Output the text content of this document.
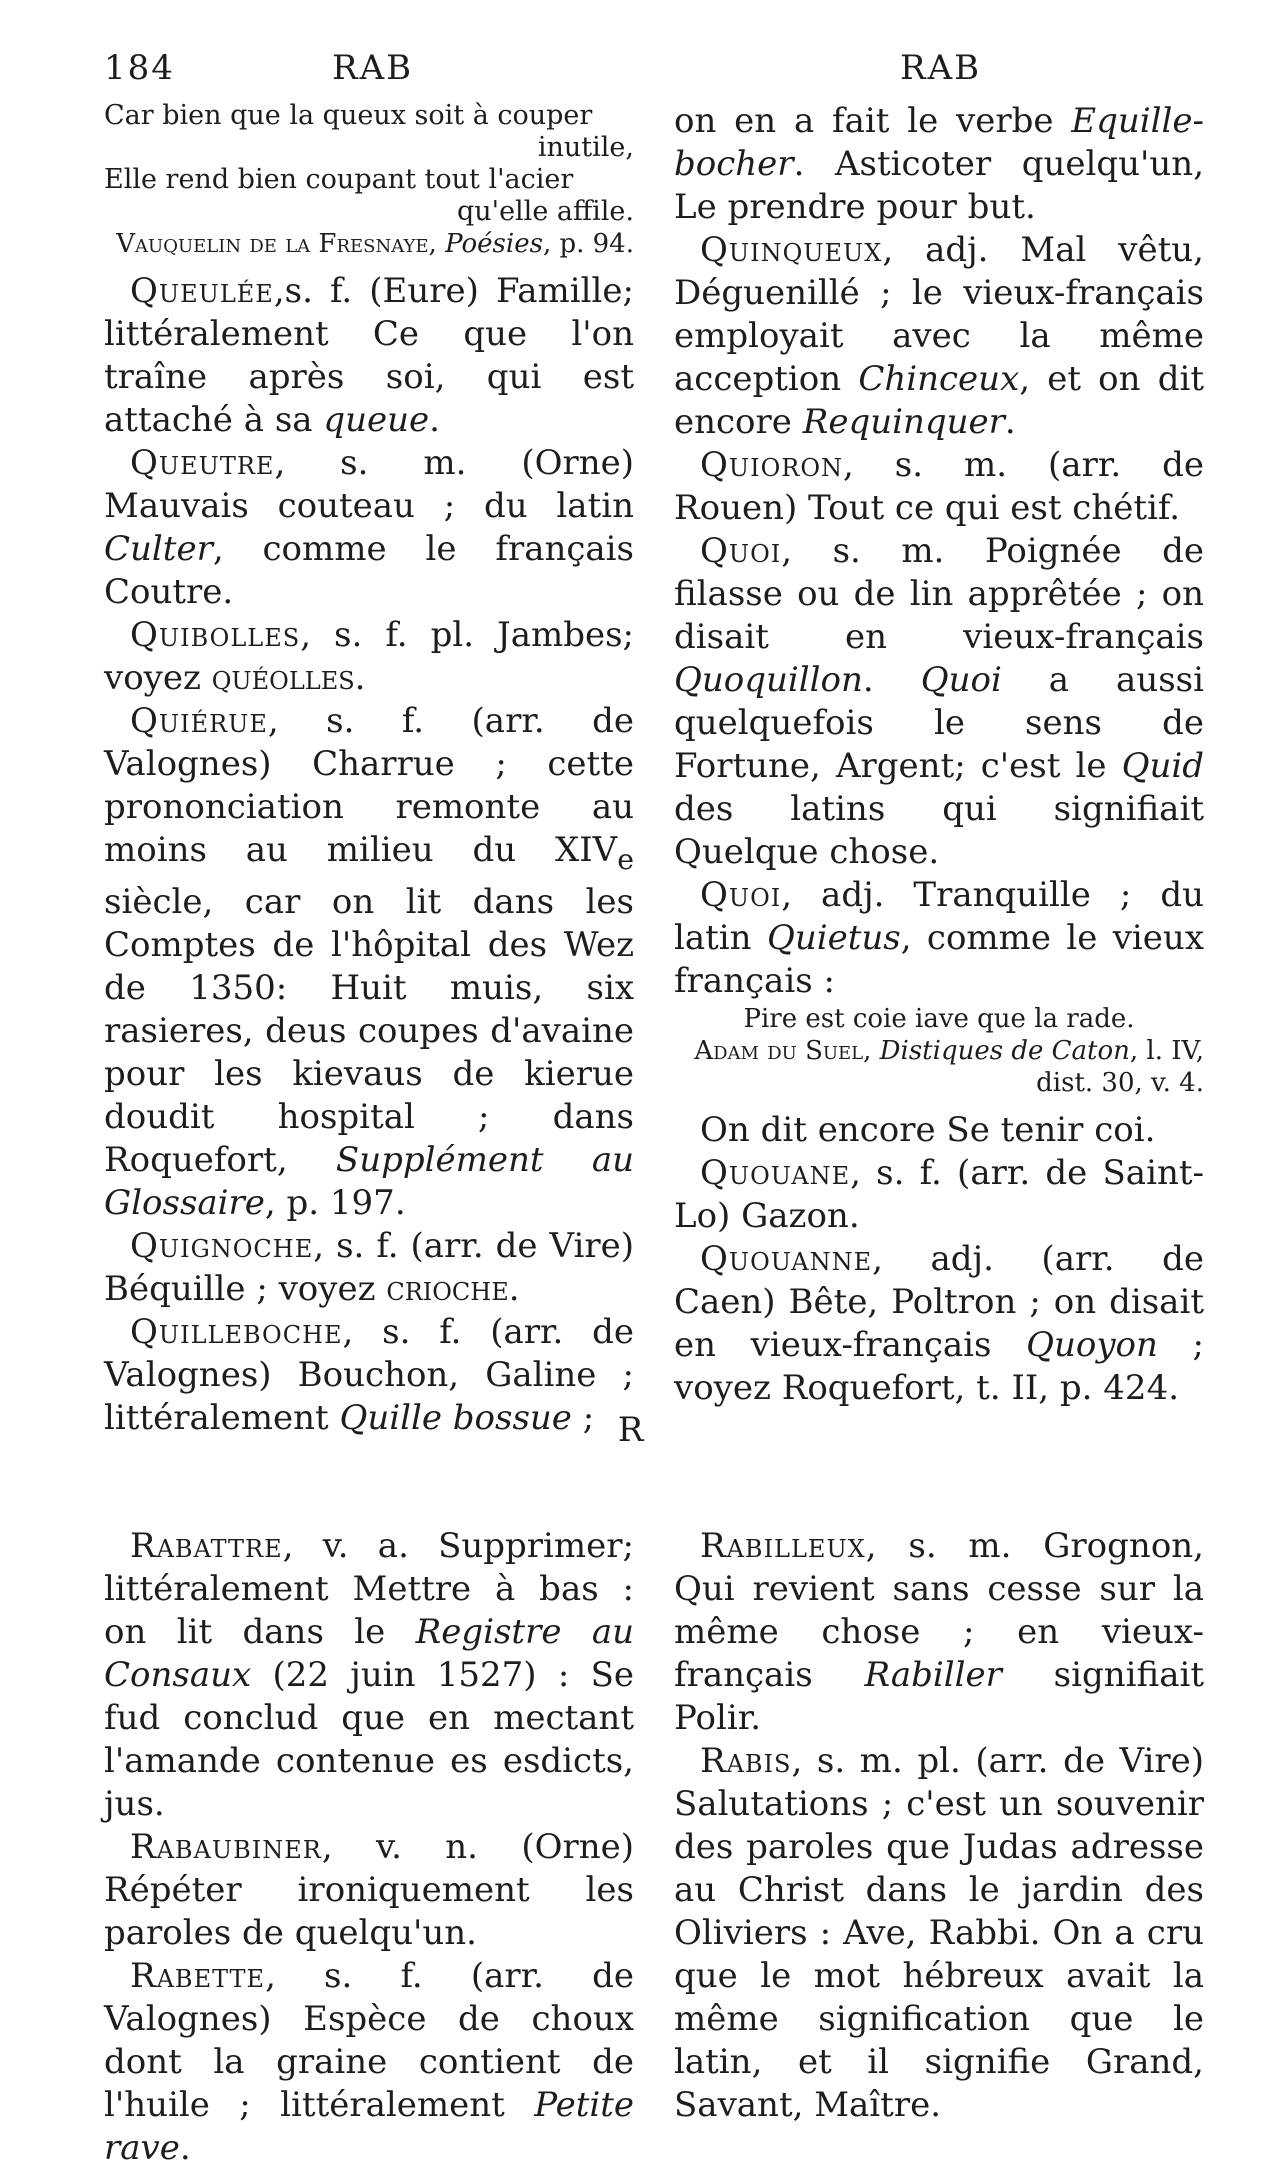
184	RAB	RAB

Car bien que la queux soit à couper

inutile,

Elle rend bien coupant tout l'acier

qu'elle affile.

Vauquelin de la Fresnaye, Poésies, p. 94.

Queulée,s. f. (Eure) Famille; littéralement Ce que l'on traîne après soi, qui est attaché à sa queue.

Queutre, s. m. (Orne) Mauvais couteau ; du latin Culter, comme le français Coutre.

Quibolles, s. f. pl. Jambes; voyez quéolles.

Quiérue, s. f. (arr. de Valognes) Charrue ; cette prononciation remonte au moins au milieu du $XIV_e$ siècle, car on lit dans les Comptes de l'hôpital des Wez de 1350: Huit muis, six rasieres, deus coupes d'avaine pour les kievaus de kierue doudit hospital ; dans Roquefort, Supplément au Glossaire, p. 197.

Quignoche, s. f. (arr. de Vire) Béquille ; voyez crioche.

Quilleboche, s. f. (arr. de Valognes) Bouchon, Galine ; littéralement Quille bossue ;

on en a fait le verbe Equille-bocher. Asticoter quelqu'un, Le prendre pour but.

Quinqueux, adj. Mal vêtu, Déguenillé ; le vieux-français employait avec la même acception Chinceux, et on dit encore Requinquer.

Quioron, s. m. (arr. de Rouen) Tout ce qui est chétif.

Quoi, s. m. Poignée de filasse ou de lin apprêtée ; on disait en vieux-français Quoquillon. Quoi a aussi quelquefois le sens de Fortune, Argent; c'est le Quid des latins qui signifiait Quelque chose.

Quoi, adj. Tranquille ; du latin Quietus, comme le vieux français :

Pire est coie iave que la rade.

Adam du Suel, Distiques de Caton, l. IV, dist. 30, v. 4.

On dit encore Se tenir coi.

Quouane, s. f. (arr. de Saint-Lo) Gazon.

Quouanne, adj. (arr. de Caen) Bête, Poltron ; on disait en vieux-français Quoyon ; voyez Roquefort, t. II, p. 424.

R

Rabattre, v. a. Supprimer; littéralement Mettre à bas : on lit dans le Registre au Consaux (22 juin 1527) : Se fud conclud que en mectant l'amande contenue es esdicts, jus.

Rabaubiner, v. n. (Orne) Répéter ironiquement les paroles de quelqu'un.

Rabette, s. f. (arr. de Valognes) Espèce de choux dont la graine contient de l'huile ; littéralement Petite rave.

Rabilleux, s. m. Grognon, Qui revient sans cesse sur la même chose ; en vieux-français Rabiller signifiait Polir.

Rabis, s. m. pl. (arr. de Vire) Salutations ; c'est un souvenir des paroles que Judas adresse au Christ dans le jardin des Oliviers : Ave, Rabbi. On a cru que le mot hébreux avait la même signification que le latin, et il signifie Grand, Savant, Maître.
